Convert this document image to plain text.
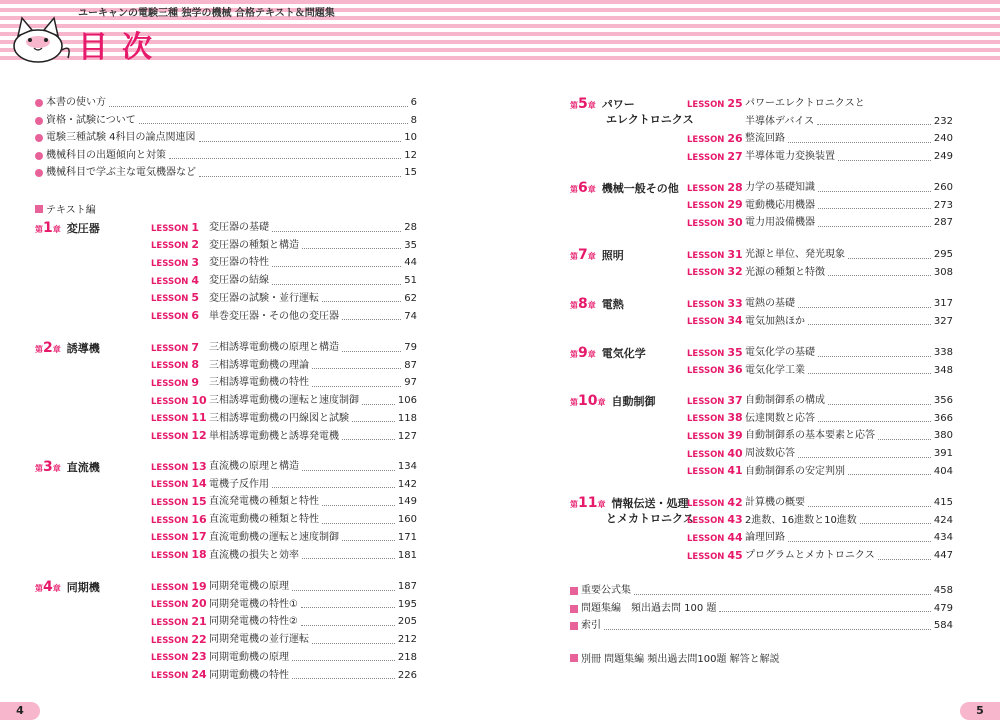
ユーキャンの電験三種 独学の機械 合格テキスト＆問題集
目次
本書の使い方	6
資格・試験について	8
電験三種試験 4科目の論点関連図	10
機械科目の出題傾向と対策	12
機械科目で学ぶ主な電気機器など	15
テキスト編
第1章 変圧器	LESSON 1 変圧器の基礎	28
LESSON 2 変圧器の種類と構造	35
LESSON 3 変圧器の特性	44
LESSON 4 変圧器の結線	51
LESSON 5 変圧器の試験・並行運転	62
LESSON 6 単巻変圧器・その他の変圧器	74
第2章 誘導機	LESSON 7 三相誘導電動機の原理と構造	79
LESSON 8 三相誘導電動機の理論	87
LESSON 9 三相誘導電動機の特性	97
LESSON 10 三相誘導電動機の運転と速度制御	106
LESSON 11 三相誘導電動機の円線図と試験	118
LESSON 12 単相誘導電動機と誘導発電機	127
第3章 直流機	LESSON 13 直流機の原理と構造	134
LESSON 14 電機子反作用	142
LESSON 15 直流発電機の種類と特性	149
LESSON 16 直流電動機の種類と特性	160
LESSON 17 直流電動機の運転と速度制御	171
LESSON 18 直流機の損失と効率	181
第4章 同期機	LESSON 19 同期発電機の原理	187
LESSON 20 同期発電機の特性①	195
LESSON 21 同期発電機の特性②	205
LESSON 22 同期発電機の並行運転	212
LESSON 23 同期電動機の原理	218
LESSON 24 同期電動機の特性	226
第5章 パワー
エレクトロニクス
LESSON 25 パワーエレクトロニクスと
半導体デバイス	232
LESSON 26 整流回路	240
LESSON 27 半導体電力変換装置	249
第6章 機械一般その他 LESSON 28 力学の基礎知識	260
LESSON 29 電動機応用機器	273
LESSON 30 電力用設備機器	287
第7章 照明	LESSON 31 光源と単位、発光現象	295
LESSON 32 光源の種類と特徴	308
第8章 電熱	LESSON 33 電熱の基礎	317
LESSON 34 電気加熱ほか	327
第9章 電気化学	LESSON 35 電気化学の基礎	338
LESSON 36 電気化学工業	348
第10章 自動制御	LESSON 37 自動制御系の構成	356
LESSON 38 伝達関数と応答	366
LESSON 39 自動制御系の基本要素と応答	380
LESSON 40 周波数応答	391
LESSON 41 自動制御系の安定判別	404
第11章 情報伝送・処理
とメカトロニクス
LESSON 42 計算機の概要	415
LESSON 43 2進数、16進数と10進数	424
LESSON 44 論理回路	434
LESSON 45 プログラムとメカトロニクス	447
重要公式集	458
問題集編　頻出過去問 100 題	479
索引	584
別冊 問題集編 頻出過去問100題 解答と解説
4	5
